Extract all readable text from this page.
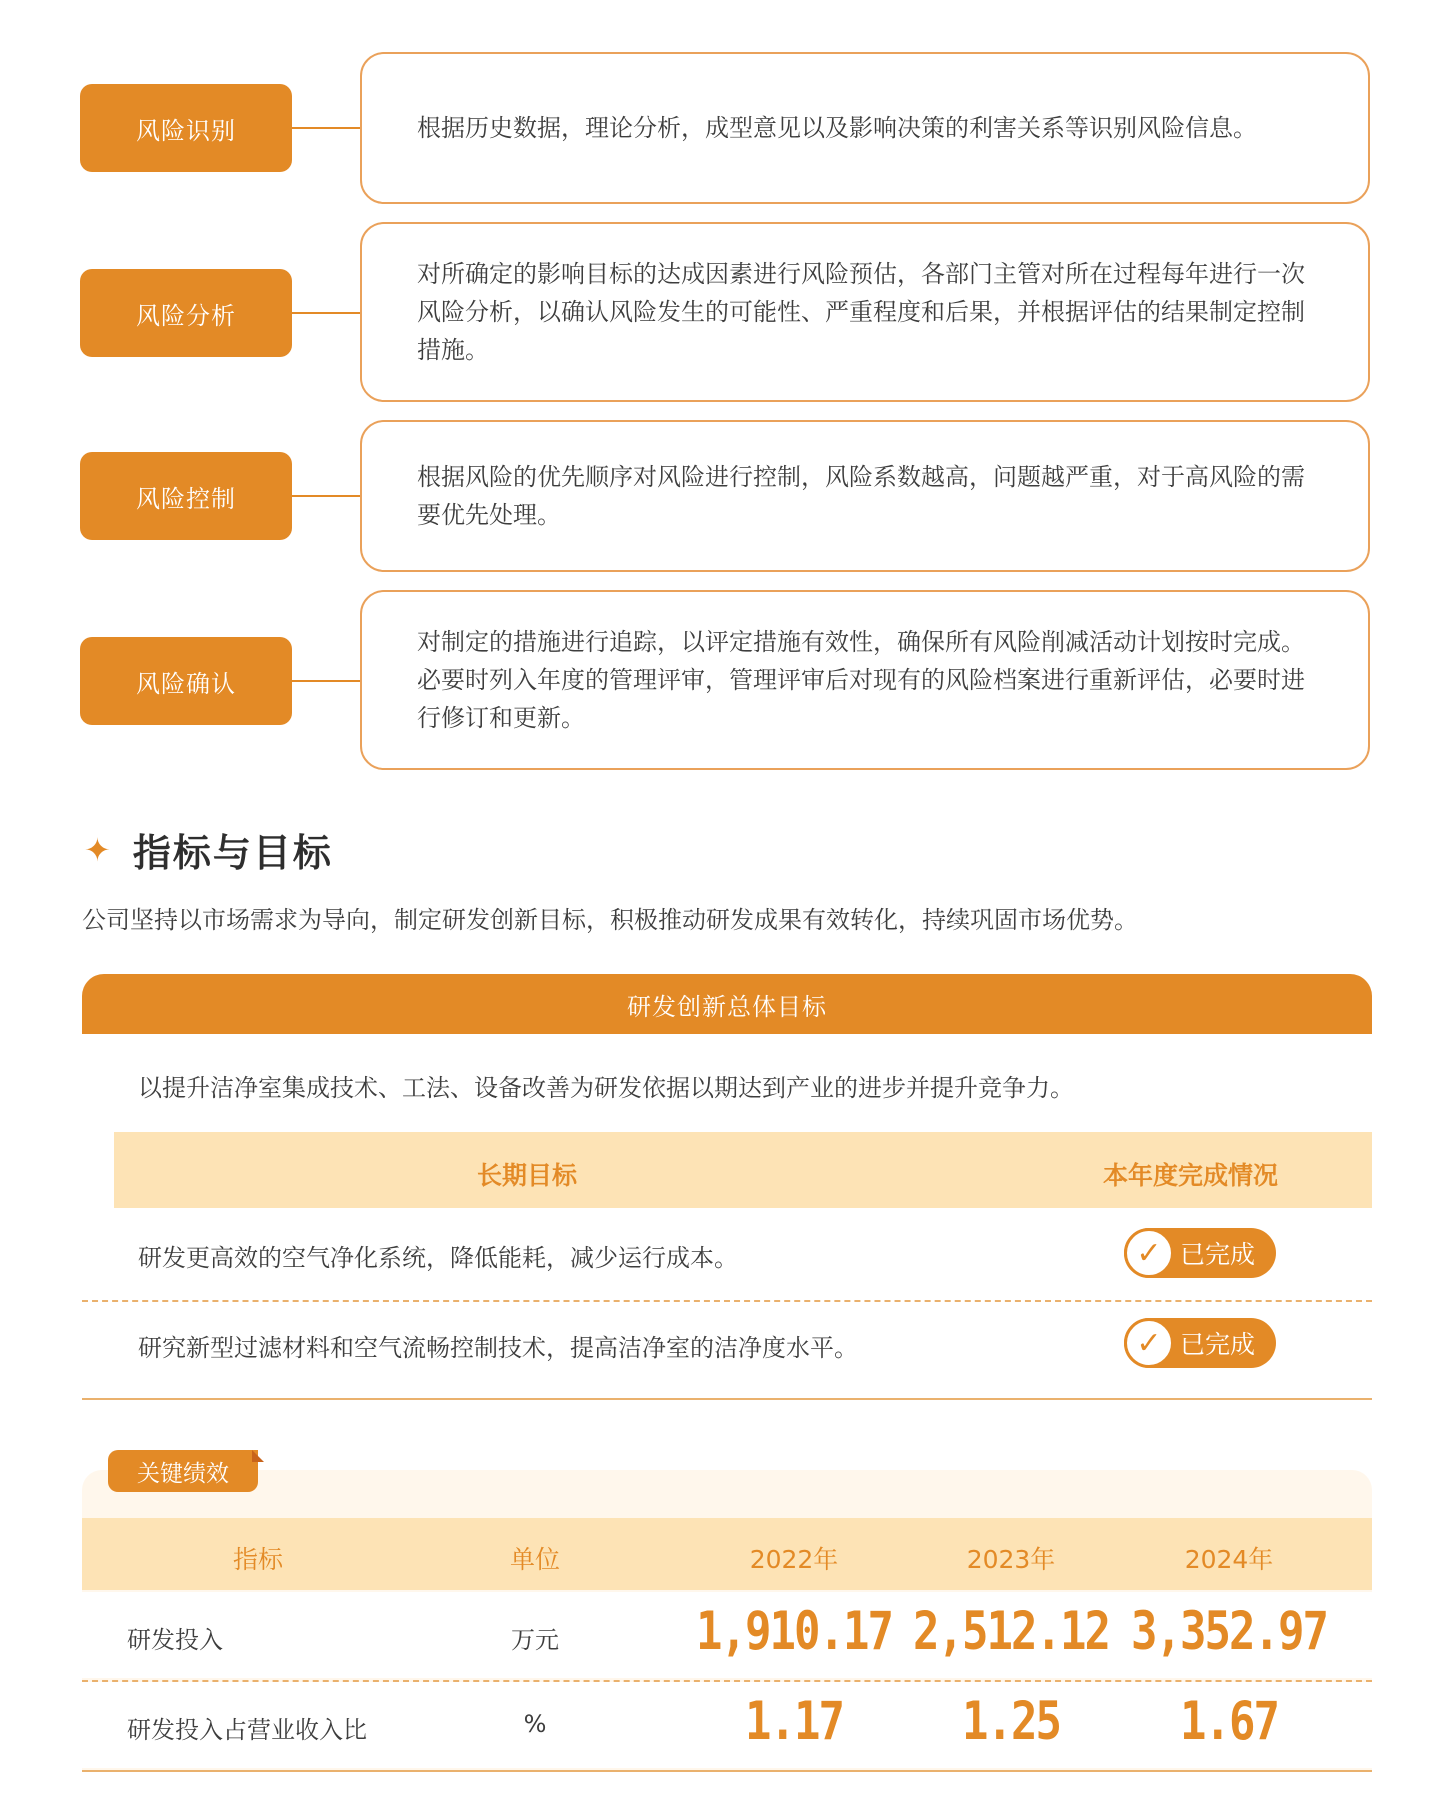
风险识别	根据历史数据，理论分析，成型意见以及影响决策的利害关系等识别风险信息。
风险分析
对所确定的影响目标的达成因素进行风险预估，各部门主管对所在过程每年进行一次风险分析，以确认风险发生的可能性、严重程度和后果，并根据评估的结果制定控制措施。
风险控制
根据风险的优先顺序对风险进行控制，风险系数越高，问题越严重，对于高风险的需要优先处理。
风险确认
对制定的措施进行追踪，以评定措施有效性，确保所有风险削减活动计划按时完成。必要时列入年度的管理评审，管理评审后对现有的风险档案进行重新评估，必要时进行修订和更新。
✦ 指标与目标
公司坚持以市场需求为导向，制定研发创新目标，积极推动研发成果有效转化，持续巩固市场优势。
研发创新总体目标
以提升洁净室集成技术、工法、设备改善为研发依据以期达到产业的进步并提升竞争力。
长期目标	本年度完成情况
研发更高效的空气净化系统，降低能耗，减少运行成本。	✓ 已完成
研究新型过滤材料和空气流畅控制技术，提高洁净室的洁净度水平。	✓ 已完成
关键绩效
指标	单位	2022年	2023年	2024年
研发投入	万元	1,910.17 2,512.12 3,352.97
研发投入占营业收入比	%	1.17	1.25	1.67
